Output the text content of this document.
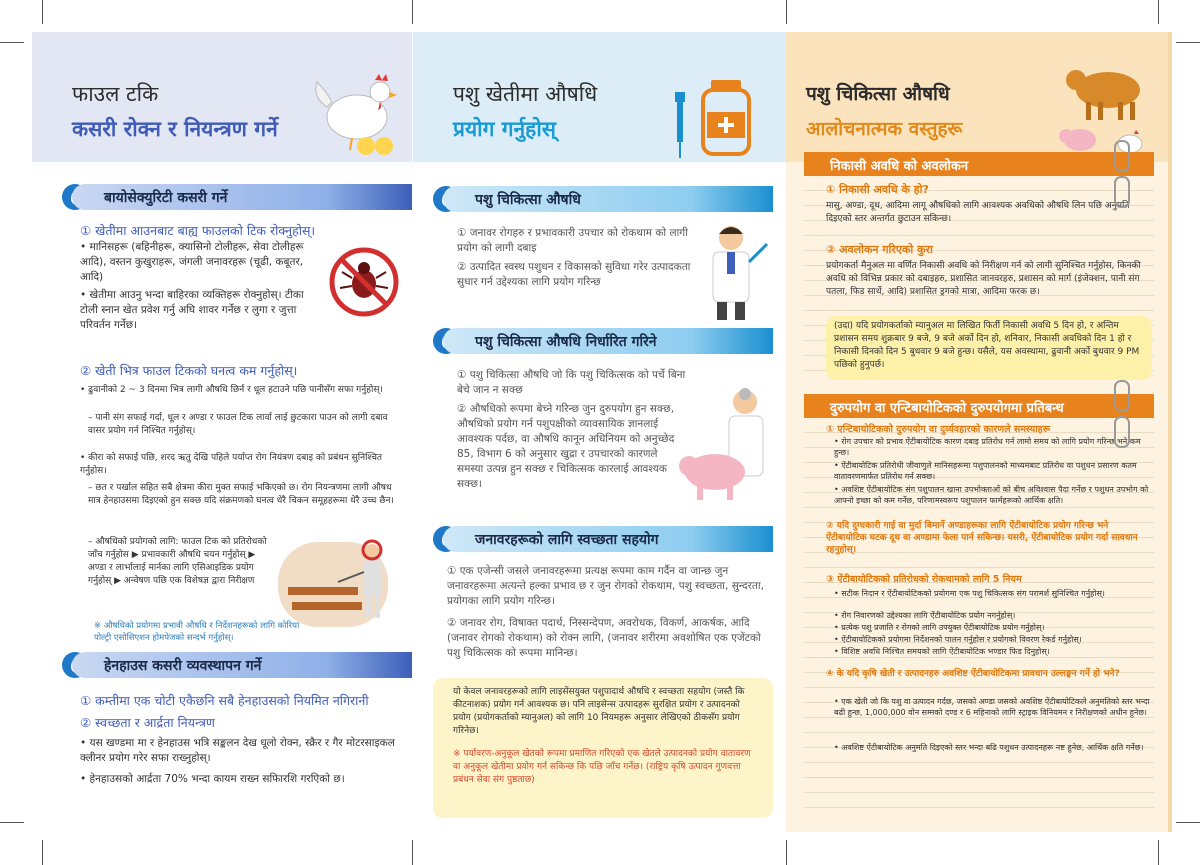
फाउल टकि
कसरी रोक्न र नियन्त्रण गर्ने
बायोसेक्युरिटी कसरी गर्ने
① खेतीमा आउनबाट बाह्य फाउलको टिक रोक्नुहोस्।
• मानिसहरू (बहिनीहरू, क्यासिनो टोलीहरू, सेवा टोलीहरू आदि), वस्तन कुखुराहरू, जंगली जनावरहरू (चूढी, कबूतर, आदि)
• खेतीमा आउनु भन्दा बाहिरका व्यक्तिहरू रोक्नुहोस्। टीका टोली स्नान खेत प्रवेश गर्नु अघि शावर गर्नेछ र लुगा र जुत्ता परिवर्तन गर्नेछ।
② खेती भित्र फाउल टिकको घनत्व कम गर्नुहोस्।
• ढुवानीको 2 ~ 3 दिनमा भित्र लागी औषधि छिर्न र धूल हटाउने पछि पानीसँग सफा गर्नुहोस्।
– पानी संग सफाई गर्दा, धूल र अण्डा र फाउल टिक लार्वा लाई छुटकारा पाउन को लागी दबाव वासर प्रयोग गर्न निश्चित गर्नुहोस्।
• कीरा को सफाई पछि, शरद ऋतु देखि पहिले पर्याप्त रोग नियंत्रण दबाइ को प्रबंधन सुनिश्चित गर्नुहोस।
– छत र पर्खाल सहित सबै क्षेत्रमा कीरा मुक्त सफाई भकिएको छ। रोग नियन्त्रणमा लागी औषध मात्र हेनहाउसमा दिइएको हुन सक्छ यदि संक्रमणको घनत्व धेरै चिकन समूहहरूमा धेरै उच्च छैन।
– औषधिको प्रयोगको लागि: फाउल टिक को प्रतिरोधको जाँच गर्नुहोस ▶ प्रभावकारी औषधि चयन गर्नुहोस् ▶ अण्डा र लार्भालाई मार्नका लागि एसिआइडिक प्रयोग गर्नुहोस् ▶ अन्वेषण पछि एक विशेषज्ञ द्वारा निरीक्षण
※ औषधिको प्रयोगमा प्रभावी औषधि र निर्देशनहरूको लागि कोरिया पोल्ट्री एसोसिएशन होमपेजको सन्दर्भ गर्नुहोस्।
हेनहाउस कसरी व्यवस्थापन गर्ने
① कम्तीमा एक चोटी एकैछनि सबै हेनहाउसको नियमित नगिरानी
② स्वच्छता र आर्द्रता नियन्त्रण
• यस खण्डमा मा र हेनहाउस भत्रि सङ्कलन देख धूलो रोक्न, स्क्रैर र गैर मोटरसाइकल क्लीनर प्रयोग गरेर सफा राख्नुहोस्।
• हेनहाउसको आर्द्रता 70% भन्दा कायम राख्न सफिारशि गरएिको छ।
पशु खेतीमा औषधि
प्रयोग गर्नुहोस्
पशु चिकित्सा औषधि
① जनावर रोगहरु र प्रभावकारी उपचार को रोकथाम को लागी प्रयोग को लागी दबाइ
② उत्पादित स्वस्थ पशुधन र विकासको सुविधा गरेर उत्पादकता सुधार गर्न उद्देश्यका लागि प्रयोग गरिन्छ
पशु चिकित्सा औषधि निर्धारित गरिने
① पशु चिकित्सा औषधि जो कि पशु चिकित्सक को पर्चे बिना बेचे जान न सक्छ
② औषधिको रूपमा बेच्ने गरिन्छ जुन दुरुपयोग हुन सक्छ, औषधिको प्रयोग गर्न पशुपक्षीको व्यावसायिक ज्ञानलाई आवश्यक पर्दछ, वा औषधि कानून अधिनियम को अनुच्छेद 85, विभाग 6 को अनुसार खुद्रा र उपचारको कारणले समस्या उत्पन्न हुन सक्छ र चिकित्सक कारलाई आवश्यक सक्छ।
जनावरहरूको लागि स्वच्छता सहयोग
① एक एजेन्सी जसले जनावरहरूमा प्रत्यक्ष रूपमा काम गर्दैन वा जान्छ जुन जनावरहरूमा अत्यन्ते हल्का प्रभाव छ र जुन रोगको रोकथाम, पशु स्वच्छता, सुन्दरता, प्रयोगका लागि प्रयोग गरिन्छ।
② जनावर रोग, विषाक्त पदार्थ, निस्सन्देपण, अवरोधक, विकर्ण, आकर्षक, आदि (जनावर रोगको रोकथाम) को रोक्न लागि, (जनावर शरीरमा अवशोषित एक एजेंटको पशु चिकित्सक को रूपमा मानिन्छ।
यो केवल जनावरहरूको लागि लाइसेंसयुक्त पशुपादार्थ औषधि र स्वच्छता सहयोग (जस्तै कि कीटनाशक) प्रयोग गर्न आवश्यक छ। पनि लाइसेन्स उत्पादहरू सुरक्षित प्रयोग र उत्पादनको प्रयोग (प्रयोगकर्ताको म्यानुअल) को लागि 10 नियमहरू अनुसार लेखिएको ठीकसँग प्रयोग गरिनेछ।
※ पर्यावरण-अनुकूल खेतको रूपमा प्रमाणित गरिएको एक खेतले उत्पादनको प्रयोग वातावरण वा अनुकूल खेतीमा प्रयोग गर्न सकिन्छ कि पछि जाँच गर्नेछ। (राष्ट्रिय कृषि उत्पादन गुणवत्ता प्रबंधन सेवा संग पुष्ठताछ)
पशु चिकित्सा औषधि
आलोचनात्मक वस्तुहरू
निकासी अवधि को अवलोकन
① निकासी अवधि के हो?
मासु, अण्डा, दूध, आदिमा लागू औषधिको लागि आवश्यक अवधिको औषधि लिन पछि अनुमति दिइएको स्तर अन्तर्गत छुटाउन सकिन्छ।
② अवलोकन गरिएको कुरा
प्रयोगकर्ता मैनुअल मा वर्णित निकासी अवधि को निरीक्षण गर्न को लागी सुनिश्चित गर्नुहोस, किनकी अवधि को विभिन्न प्रकार को दबाइहरु, प्रशासित जानवरहरु, प्रशासन को मार्ग (इंजेक्शन, पानी संग पतला, फिड सार्थे, आदि) प्रशासित ड्रगको मात्रा, आदिमा फरक छ।
(उदा) यदि प्रयोगकर्ताको म्यानुअल मा लिखित फिर्ती निकासी अवधि 5 दिन हो, र अन्तिम प्रशासन समय शुक्रबार 9 बजे, 9 बजे अर्को दिन हो, शनिवार, निकासी अवधिको दिन 1 हो र निकासी दिनको दिन 5 बुधवार 9 बजे हुन्छ। यसैले, यस अवस्थामा, ढुवानी अर्को बुधवार 9 PM पछिको हुनुपर्छ।
दुरुपयोग वा एन्टिबायोटिकको दुरुपयोगमा प्रतिबन्ध
① एन्टिबायोटिकको दुरुपयोग वा दुर्व्यवहारको कारणले समस्याहरू
• रोग उपचार को प्रभाव ऐंटीबायोटिक कारण दबाइ प्रतिरोध गर्न लामो समय को लागि प्रयोग गरिन्छ भने कम हुन्छ।
• ऐंटीबायोटिक प्रतिरोधी जीवाणुले मानिसहरूमा पशुपालनको माध्यमबाट प्रतिरोध वा पशुधन प्रसारण कतम वातावरणमार्फत प्रतिरोध गर्न सक्छ।
• अवशिष्ट ऐंटीबायोटिक संग पशुपालन खाना उपभोक्ताओं को बीच अविश्वास पैदा गर्नेछ र पशुधन उपभोग को आफ्नो इच्छा को कम गर्नेछ, परिणामस्वरूप पशुपालन फार्महरूको आर्थिक क्षति।
② यदि दुग्धकारी गाई वा मुर्दा बिमार्ने अण्डाहरूका लागि ऐंटीबायोटिक प्रयोग गरिन्छ भने ऐंटीबायोटिक घटक दूध वा अण्डामा फेला पार्न सकिन्छ। यसरी, ऐंटीबायोटिक प्रयोग गर्दा सावधान रहनुहोस्।
③ ऐंटीबायोटिकको प्रतिरोधको रोकथामको लागि 5 नियम
• सटीक निदान र ऐंटीबायोटिकको प्रयोगमा एक पशु चिकित्सक संग परामर्श सुनिश्चित गर्नुहोस्।
• रोग निवारणको उद्देश्यका लागि ऐंटीबायोटिक प्रयोग नगर्नुहोस्।
• प्रत्येक पशु प्रजाति र रोगको लागि उपयुक्त ऐंटीबायोटिक प्रयोग गर्नुहोस्।
• ऐंटीबायोटिकको प्रयोगमा निर्देशनको पालन गर्नुहोस र प्रयोगको विवरण रेकर्ड गर्नुहोस्।
• विशिष्ट अवधि निश्चित समयको लागि ऐंटीबायोटिक भण्डार फिड दिनुहोस्।
④ के यदि कृषि खेती र उत्पादनहरु अवशिष्ट ऐंटीबायोटिकमा प्रावधान उल्लङ्घन गर्ने हो भने?
• एक खेती जो कि पशु वा उत्पादन गर्दछ, जसको अण्डा जसको अवशिष्ट ऐंटीबायोटिकले अनुमतिको स्तर भन्दा बढी हुन्छ, 1,000,000 वोन सम्मको दण्ड र 6 महिनाको लागि स्ट्राइक विनियमन र निरीक्षणको अधीन हुनेछ।
• अवशिष्ट ऐंटीबायोटिक अनुमति दिइएको स्तर भन्दा बढि पशुधन उत्पादनहरू नष्ट हुनेछ, आर्थिक क्षति गर्नेछ।
